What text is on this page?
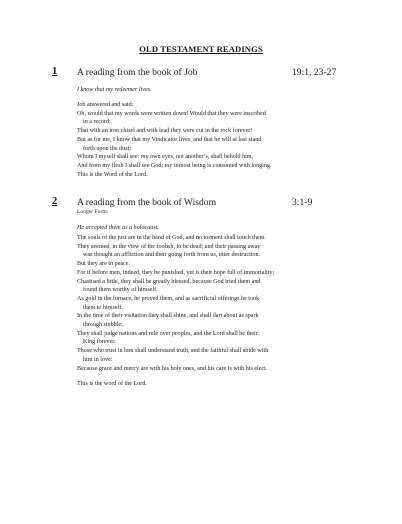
OLD TESTAMENT READINGS
1 A reading from the book of Job	19:1, 23-27
I know that my redeemer lives.
Job answered and said:
Oh, would that my words were written down! Would that they were inscribed
in a record:
That with an iron chisel and with lead they were cut in the rock forever!
But as for me, I know that my Vindicator lives, and that he will at last stand
forth upon the dust;
Whom I myself shall see: my own eyes, not another’s, shall behold him,
And from my flesh I shall see God; my inmost being is consumed with longing.
This is the Word of the Lord.
2 A reading from the book of Wisdom	3:1-9
Longer Form:
He accepted them as a holocaust.
The souls of the just are in the hand of God, and no torment shall touch them.
They seemed, in the view of the foolish, to be dead; and their passing away
was thought an affliction and their going forth from us, utter destruction.
But they are in peace.
For if before men, indeed, they be punished, yet is their hope full of immortality;
Chastised a little, they shall be greatly blessed, because God tried them and
found them worthy of himself.
As gold in the furnace, he proved them, and as sacrificial offerings he took
them to himself.
In the time of their visitation they shall shine, and shall dart about as spark
through stubble;
They shall judge nations and rule over peoples, and the Lord shall be their
King forever.
Those who trust in him shall understand truth, and the faithful shall abide with
him in love:
Because grace and mercy are with his holy ones, and his care is with his elect.
This is the word of the Lord.
